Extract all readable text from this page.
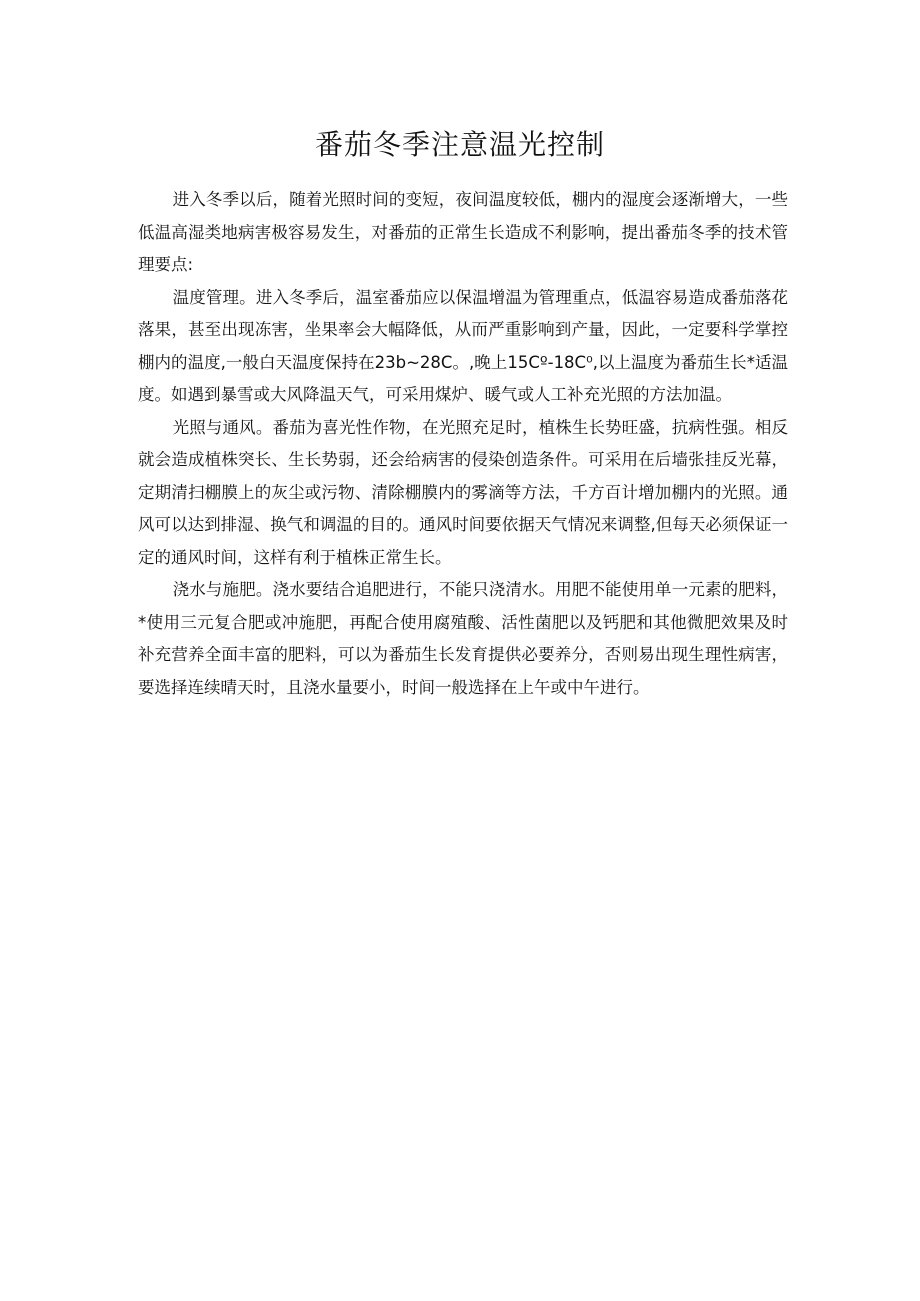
番茄冬季注意温光控制

进入冬季以后，随着光照时间的变短，夜间温度较低，棚内的湿度会逐渐增大，一些低温高湿类地病害极容易发生，对番茄的正常生长造成不利影响，提出番茄冬季的技术管理要点:

温度管理。进入冬季后，温室番茄应以保温增温为管理重点，低温容易造成番茄落花落果，甚至出现冻害，坐果率会大幅降低，从而严重影响到产量，因此，一定要科学掌控棚内的温度,一般白天温度保持在23b~28C。,晚上15Cº-18C⁰,以上温度为番茄生长*适温度。如遇到暴雪或大风降温天气，可采用煤炉、暖气或人工补充光照的方法加温。

光照与通风。番茄为喜光性作物，在光照充足时，植株生长势旺盛，抗病性强。相反就会造成植株突长、生长势弱，还会给病害的侵染创造条件。可采用在后墙张挂反光幕，定期清扫棚膜上的灰尘或污物、清除棚膜内的雾滴等方法，千方百计增加棚内的光照。通风可以达到排湿、换气和调温的目的。通风时间要依据天气情况来调整,但每天必须保证一定的通风时间，这样有利于植株正常生长。

浇水与施肥。浇水要结合追肥进行，不能只浇清水。用肥不能使用单一元素的肥料，*使用三元复合肥或冲施肥，再配合使用腐殖酸、活性菌肥以及钙肥和其他微肥效果及时补充营养全面丰富的肥料，可以为番茄生长发育提供必要养分，否则易出现生理性病害，要选择连续晴天时，且浇水量要小，时间一般选择在上午或中午进行。
